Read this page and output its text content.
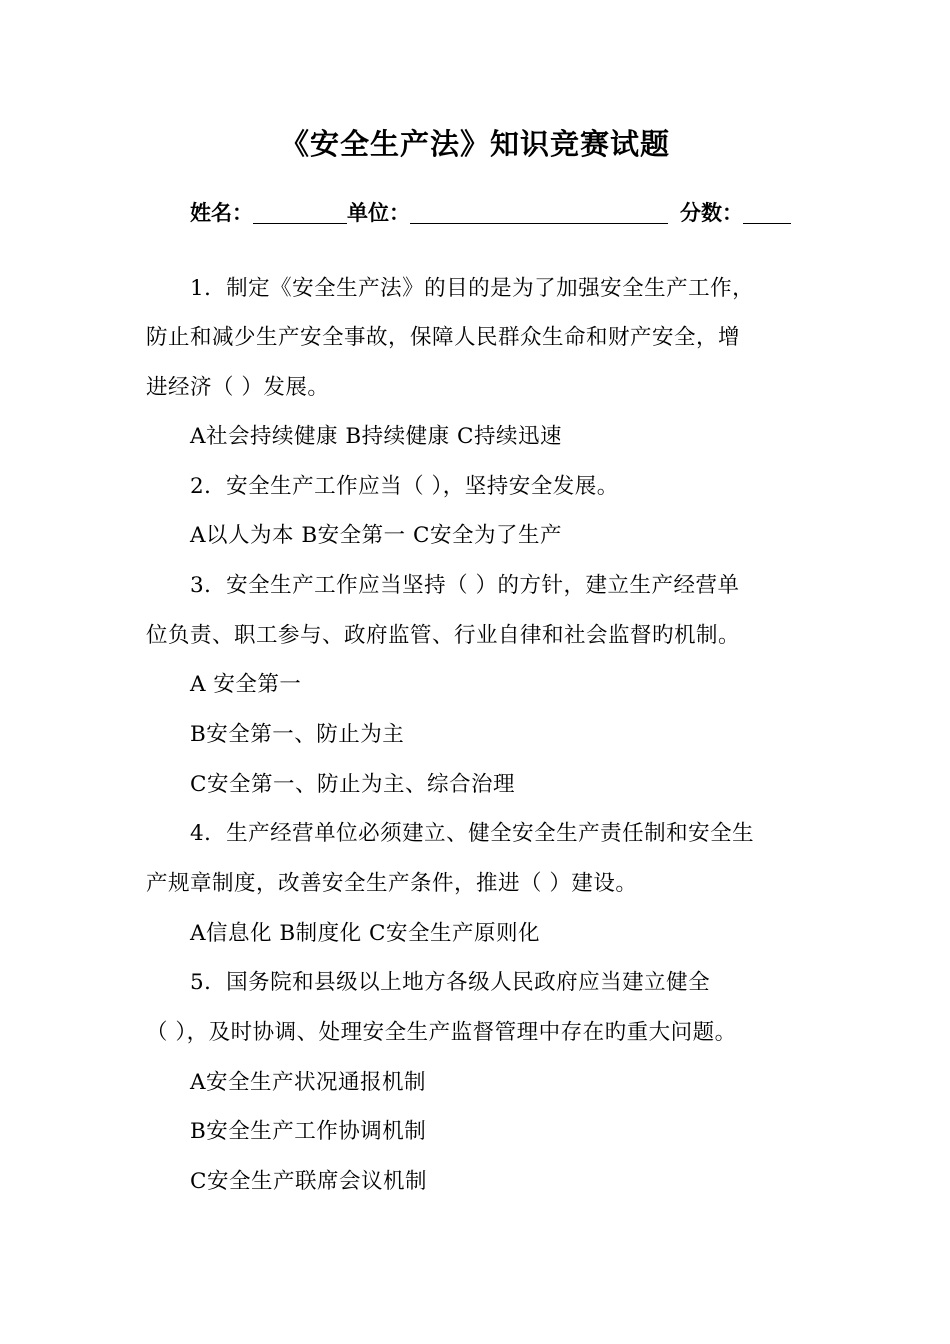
《安全生产法》知识竞赛试题
姓名：	单位：	分数：
1．制定《安全生产法》的目的是为了加强安全生产工作，
防止和减少生产安全事故，保障人民群众生命和财产安全，增
进经济（ ）发展。
A社会持续健康 B持续健康 C持续迅速
2．安全生产工作应当（ ），坚持安全发展。
A以人为本 B安全第一 C安全为了生产
3．安全生产工作应当坚持（ ）的方针，建立生产经营单
位负责、职工参与、政府监管、行业自律和社会监督旳机制。
A 安全第一
B安全第一、防止为主
C安全第一、防止为主、综合治理
4．生产经营单位必须建立、健全安全生产责任制和安全生
产规章制度，改善安全生产条件，推进（ ）建设。
A信息化 B制度化 C安全生产原则化
5．国务院和县级以上地方各级人民政府应当建立健全
（ ），及时协调、处理安全生产监督管理中存在旳重大问题。
A安全生产状况通报机制
B安全生产工作协调机制
C安全生产联席会议机制
